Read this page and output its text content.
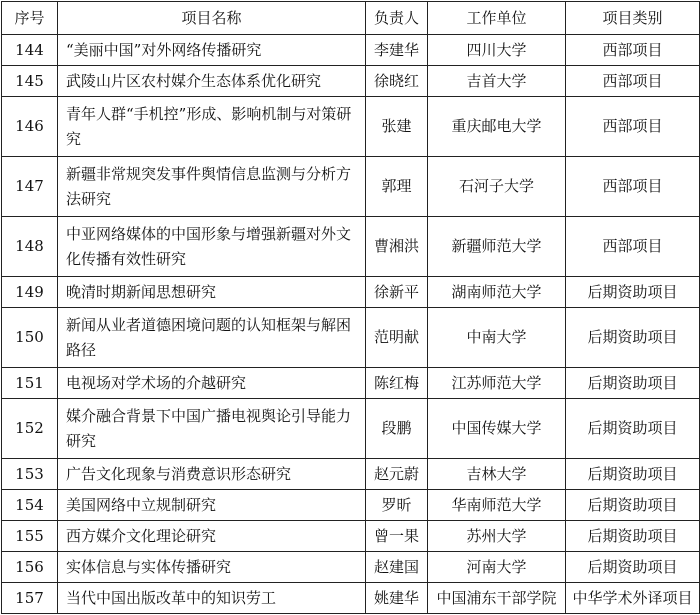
序号	项目名称	负责人	工作单位	项目类别
144	“美丽中国”对外网络传播研究	李建华	四川大学	西部项目
145	武陵山片区农村媒介生态体系优化研究	徐晓红	吉首大学	西部项目
146	青年人群“手机控”形成、影响机制与对策研究	张建	重庆邮电大学	西部项目
147	新疆非常规突发事件舆情信息监测与分析方法研究	郭理	石河子大学	西部项目
148	中亚网络媒体的中国形象与增强新疆对外文化传播有效性研究	曹湘洪	新疆师范大学	西部项目
149	晚清时期新闻思想研究	徐新平	湖南师范大学	后期资助项目
150	新闻从业者道德困境问题的认知框架与解困路径	范明献	中南大学	后期资助项目
151	电视场对学术场的介越研究	陈红梅	江苏师范大学	后期资助项目
152	媒介融合背景下中国广播电视舆论引导能力研究	段鹏	中国传媒大学	后期资助项目
153	广告文化现象与消费意识形态研究	赵元蔚	吉林大学	后期资助项目
154	美国网络中立规制研究	罗昕	华南师范大学	后期资助项目
155	西方媒介文化理论研究	曾一果	苏州大学	后期资助项目
156	实体信息与实体传播研究	赵建国	河南大学	后期资助项目
157	当代中国出版改革中的知识劳工	姚建华	中国浦东干部学院	中华学术外译项目
